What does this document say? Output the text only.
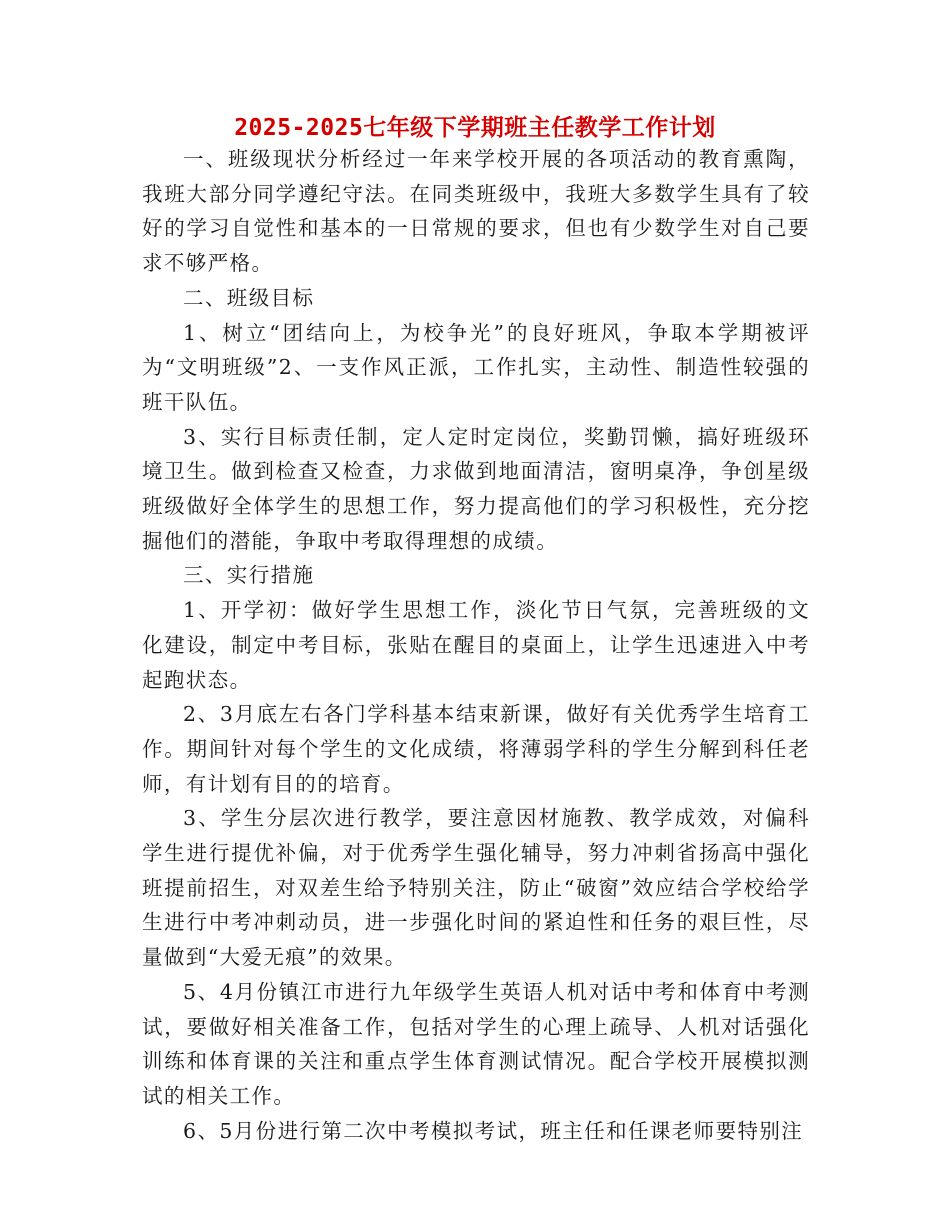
2025-2025七年级下学期班主任教学工作计划

一、班级现状分析经过一年来学校开展的各项活动的教育熏陶，我班大部分同学遵纪守法。在同类班级中，我班大多数学生具有了较好的学习自觉性和基本的一日常规的要求，但也有少数学生对自己要求不够严格。

二、班级目标

1、树立“团结向上，为校争光”的良好班风，争取本学期被评为“文明班级”2、一支作风正派，工作扎实，主动性、制造性较强的班干队伍。

3、实行目标责任制，定人定时定岗位，奖勤罚懒，搞好班级环境卫生。做到检查又检查，力求做到地面清洁，窗明桌净，争创星级班级做好全体学生的思想工作，努力提高他们的学习积极性，充分挖掘他们的潜能，争取中考取得理想的成绩。

三、实行措施

1、开学初：做好学生思想工作，淡化节日气氛，完善班级的文化建设，制定中考目标，张贴在醒目的桌面上，让学生迅速进入中考起跑状态。

2、3月底左右各门学科基本结束新课，做好有关优秀学生培育工作。期间针对每个学生的文化成绩，将薄弱学科的学生分解到科任老师，有计划有目的的培育。

3、学生分层次进行教学，要注意因材施教、教学成效，对偏科学生进行提优补偏，对于优秀学生强化辅导，努力冲刺省扬高中强化班提前招生，对双差生给予特别关注，防止“破窗”效应结合学校给学生进行中考冲刺动员，进一步强化时间的紧迫性和任务的艰巨性，尽量做到“大爱无痕”的效果。

5、4月份镇江市进行九年级学生英语人机对话中考和体育中考测试，要做好相关准备工作，包括对学生的心理上疏导、人机对话强化训练和体育课的关注和重点学生体育测试情况。配合学校开展模拟测试的相关工作。

6、5月份进行第二次中考模拟考试，班主任和任课老师要特别注
